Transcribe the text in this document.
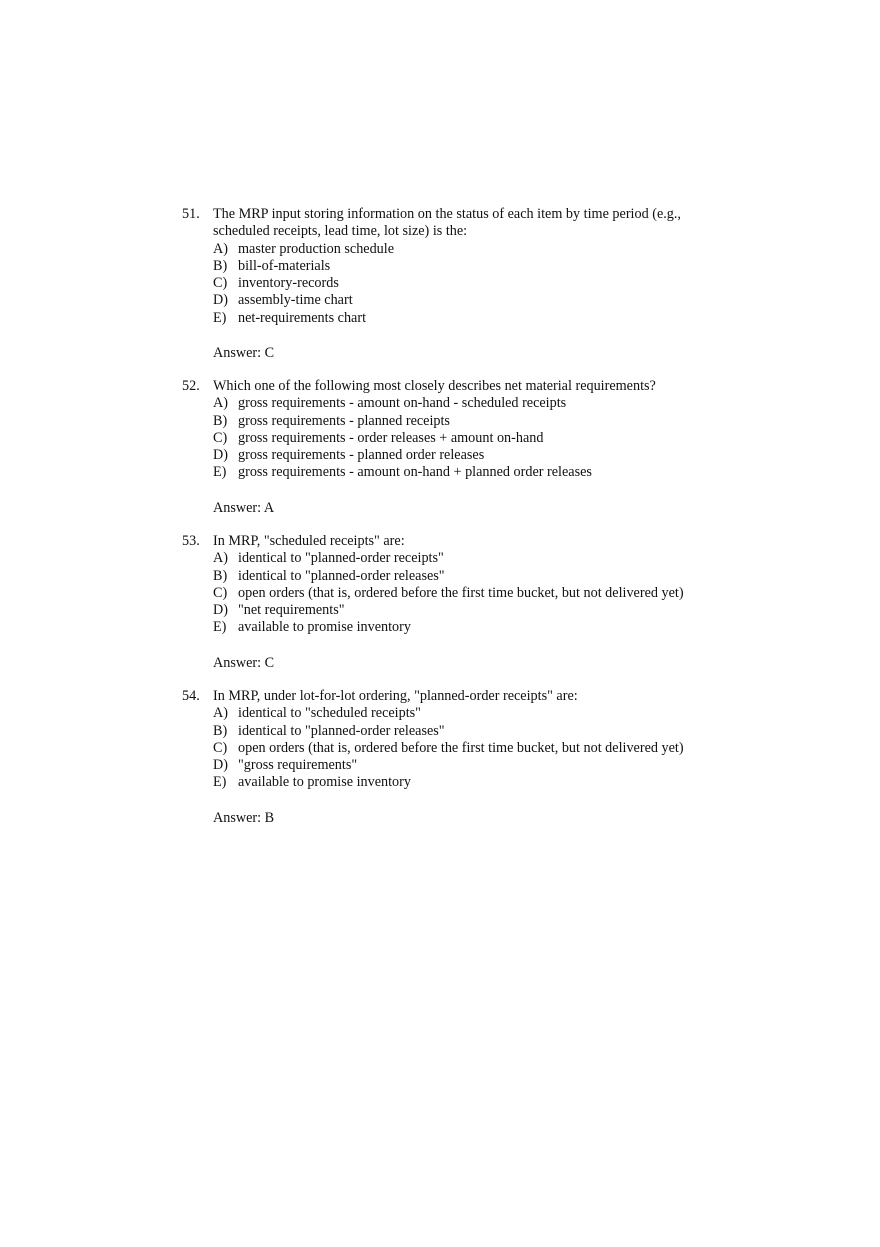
51. The MRP input storing information on the status of each item by time period (e.g., scheduled receipts, lead time, lot size) is the:
A) master production schedule
B) bill-of-materials
C) inventory-records
D) assembly-time chart
E) net-requirements chart
Answer: C
52. Which one of the following most closely describes net material requirements?
A) gross requirements - amount on-hand - scheduled receipts
B) gross requirements - planned receipts
C) gross requirements - order releases + amount on-hand
D) gross requirements - planned order releases
E) gross requirements - amount on-hand + planned order releases
Answer: A
53. In MRP, "scheduled receipts" are:
A) identical to "planned-order receipts"
B) identical to "planned-order releases"
C) open orders (that is, ordered before the first time bucket, but not delivered yet)
D) "net requirements"
E) available to promise inventory
Answer: C
54. In MRP, under lot-for-lot ordering, "planned-order receipts" are:
A) identical to "scheduled receipts"
B) identical to "planned-order releases"
C) open orders (that is, ordered before the first time bucket, but not delivered yet)
D) "gross requirements"
E) available to promise inventory
Answer: B
